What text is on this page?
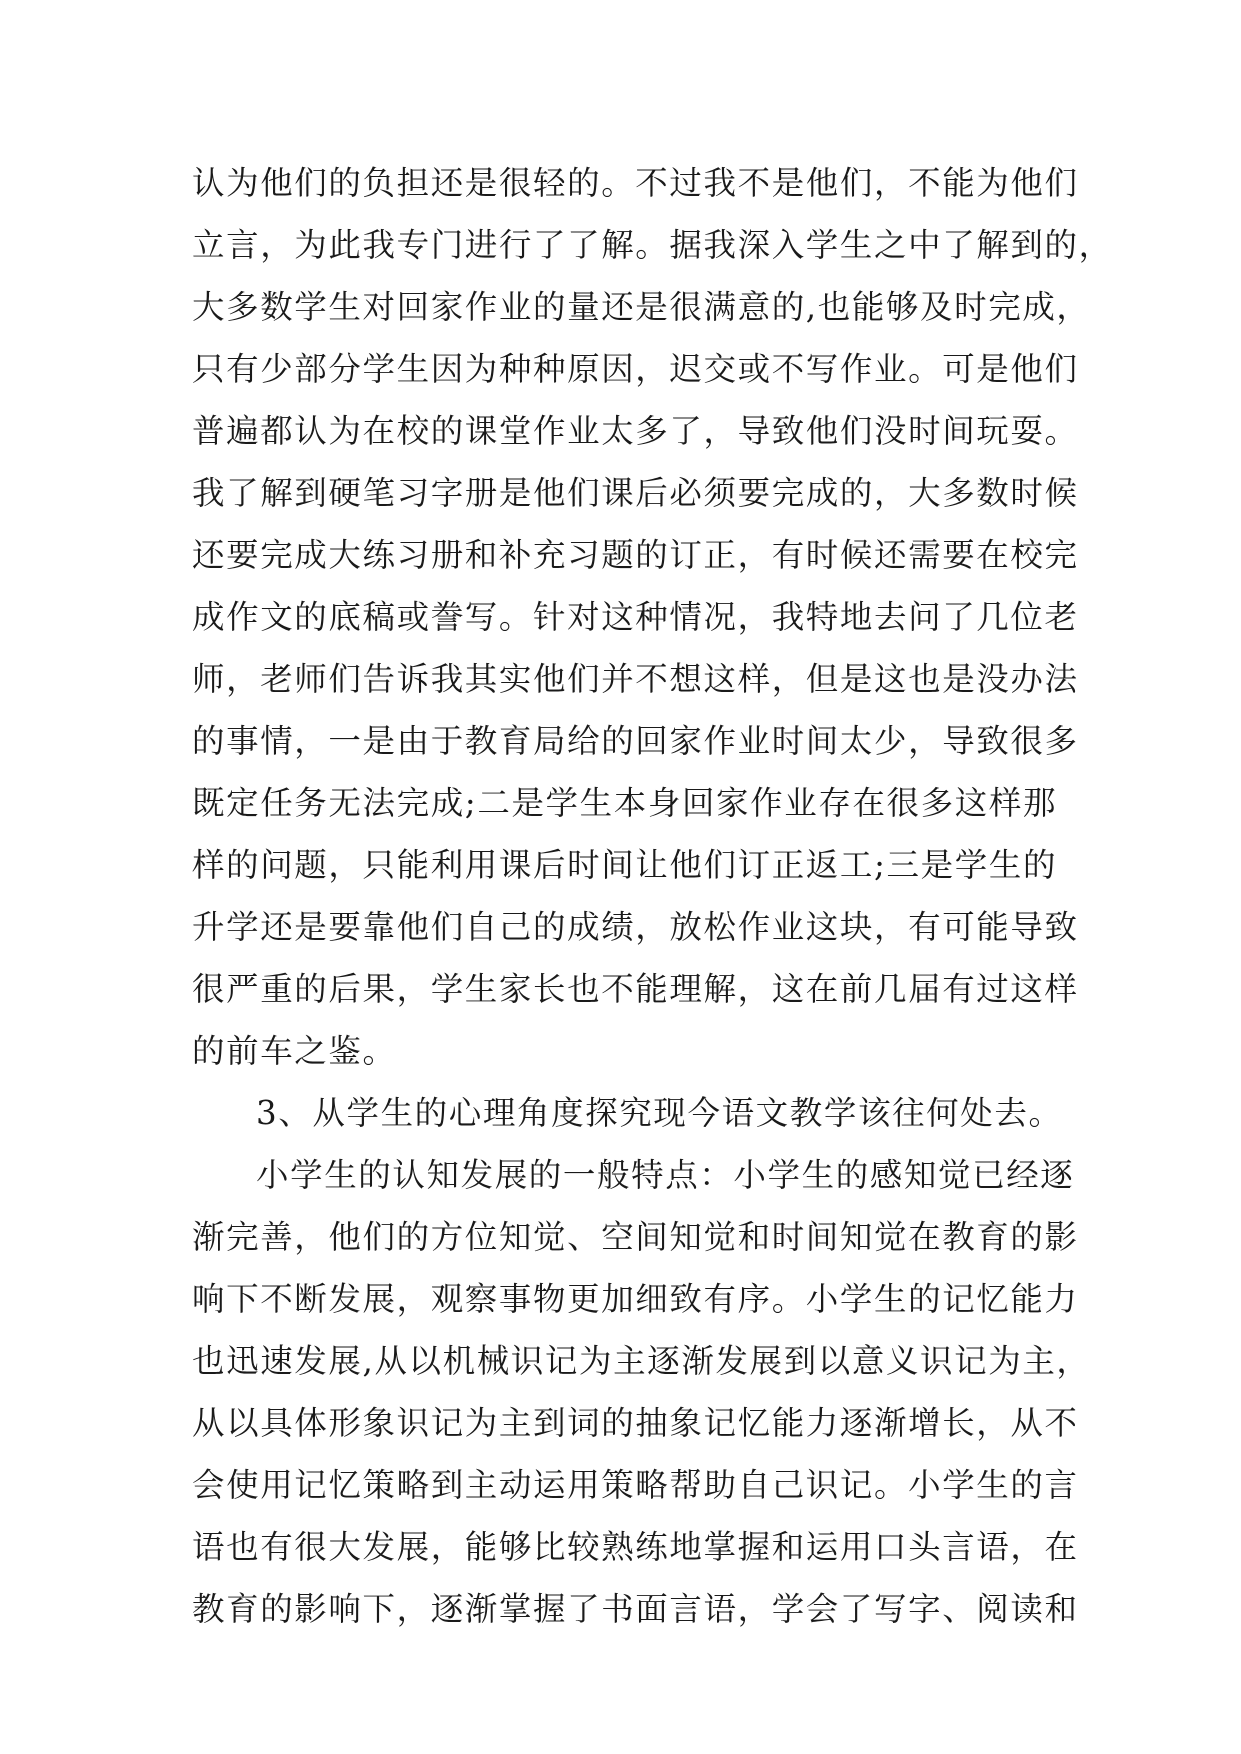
认为他们的负担还是很轻的。不过我不是他们，不能为他们
立言，为此我专门进行了了解。据我深入学生之中了解到的，
大多数学生对回家作业的量还是很满意的,也能够及时完成，
只有少部分学生因为种种原因，迟交或不写作业。可是他们
普遍都认为在校的课堂作业太多了，导致他们没时间玩耍。
我了解到硬笔习字册是他们课后必须要完成的，大多数时候
还要完成大练习册和补充习题的订正，有时候还需要在校完
成作文的底稿或誊写。针对这种情况，我特地去问了几位老
师，老师们告诉我其实他们并不想这样，但是这也是没办法
的事情，一是由于教育局给的回家作业时间太少，导致很多
既定任务无法完成;二是学生本身回家作业存在很多这样那
样的问题，只能利用课后时间让他们订正返工;三是学生的
升学还是要靠他们自己的成绩，放松作业这块，有可能导致
很严重的后果，学生家长也不能理解，这在前几届有过这样
的前车之鉴。
3、从学生的心理角度探究现今语文教学该往何处去。
小学生的认知发展的一般特点：小学生的感知觉已经逐
渐完善，他们的方位知觉、空间知觉和时间知觉在教育的影
响下不断发展，观察事物更加细致有序。小学生的记忆能力
也迅速发展,从以机械识记为主逐渐发展到以意义识记为主，
从以具体形象识记为主到词的抽象记忆能力逐渐增长，从不
会使用记忆策略到主动运用策略帮助自己识记。小学生的言
语也有很大发展，能够比较熟练地掌握和运用口头言语，在
教育的影响下，逐渐掌握了书面言语，学会了写字、阅读和
